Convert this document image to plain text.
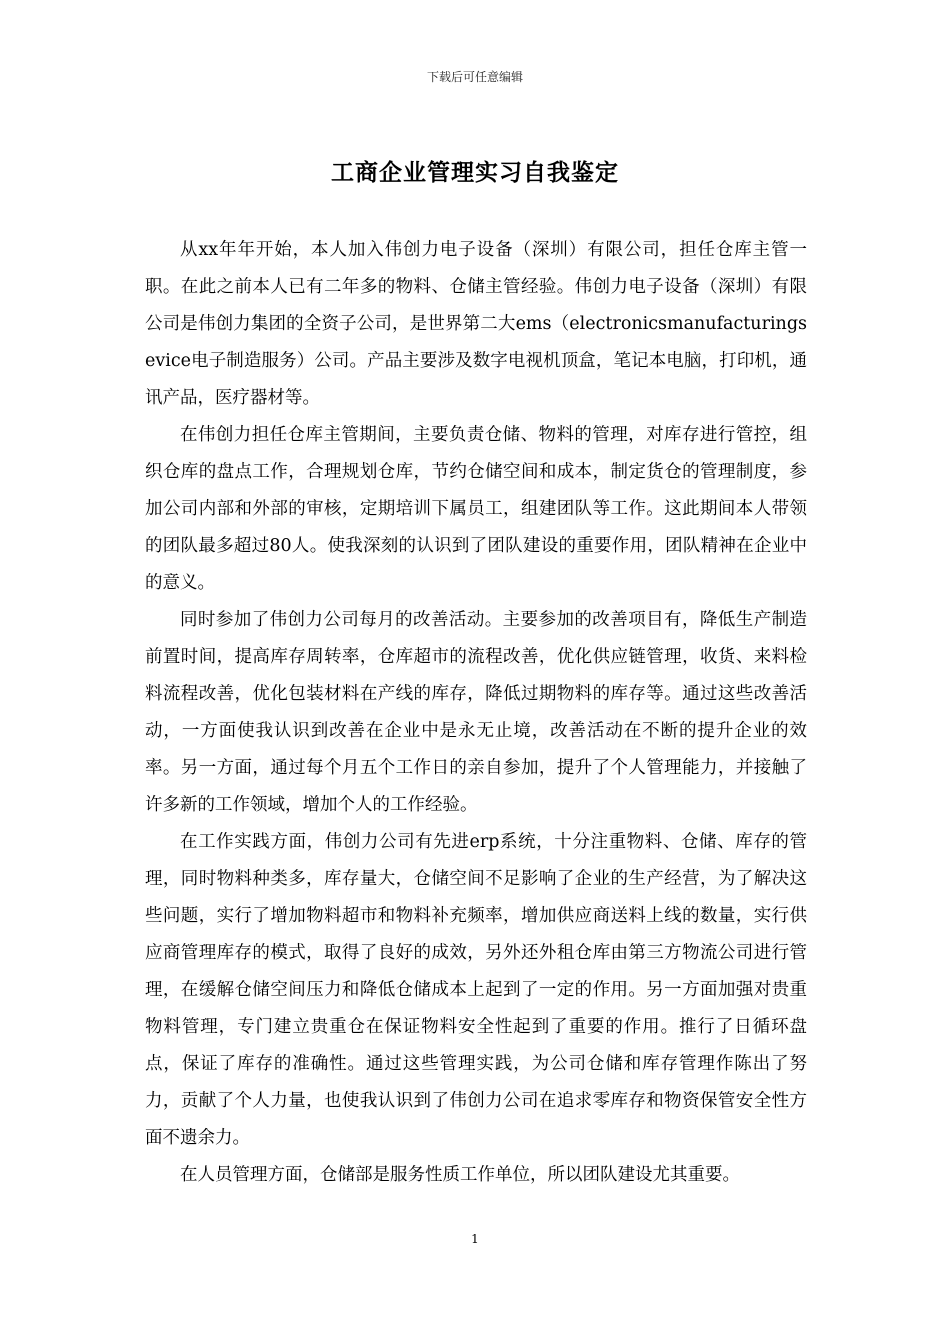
下载后可任意编辑
工商企业管理实习自我鉴定

从xx年年开始，本人加入伟创力电子设备（深圳）有限公司，担任仓库主管一职。在此之前本人已有二年多的物料、仓储主管经验。伟创力电子设备（深圳）有限公司是伟创力集团的全资子公司，是世界第二大ems（electronicsmanufacturingsevice电子制造服务）公司。产品主要涉及数字电视机顶盒，笔记本电脑，打印机，通讯产品，医疗器材等。

在伟创力担任仓库主管期间，主要负责仓储、物料的管理，对库存进行管控，组织仓库的盘点工作，合理规划仓库，节约仓储空间和成本，制定货仓的管理制度，参加公司内部和外部的审核，定期培训下属员工，组建团队等工作。这此期间本人带领的团队最多超过80人。使我深刻的认识到了团队建设的重要作用，团队精神在企业中的意义。

同时参加了伟创力公司每月的改善活动。主要参加的改善项目有，降低生产制造前置时间，提高库存周转率，仓库超市的流程改善，优化供应链管理，收货、来料检料流程改善，优化包装材料在产线的库存，降低过期物料的库存等。通过这些改善活动，一方面使我认识到改善在企业中是永无止境，改善活动在不断的提升企业的效率。另一方面，通过每个月五个工作日的亲自参加，提升了个人管理能力，并接触了许多新的工作领域，增加个人的工作经验。

在工作实践方面，伟创力公司有先进erp系统，十分注重物料、仓储、库存的管理，同时物料种类多，库存量大，仓储空间不足影响了企业的生产经营，为了解决这些问题，实行了增加物料超市和物料补充频率，增加供应商送料上线的数量，实行供应商管理库存的模式，取得了良好的成效，另外还外租仓库由第三方物流公司进行管理，在缓解仓储空间压力和降低仓储成本上起到了一定的作用。另一方面加强对贵重物料管理，专门建立贵重仓在保证物料安全性起到了重要的作用。推行了日循环盘点，保证了库存的准确性。通过这些管理实践，为公司仓储和库存管理作陈出了努力，贡献了个人力量，也使我认识到了伟创力公司在追求零库存和物资保管安全性方面不遗余力。

在人员管理方面，仓储部是服务性质工作单位，所以团队建设尤其重要。

1
